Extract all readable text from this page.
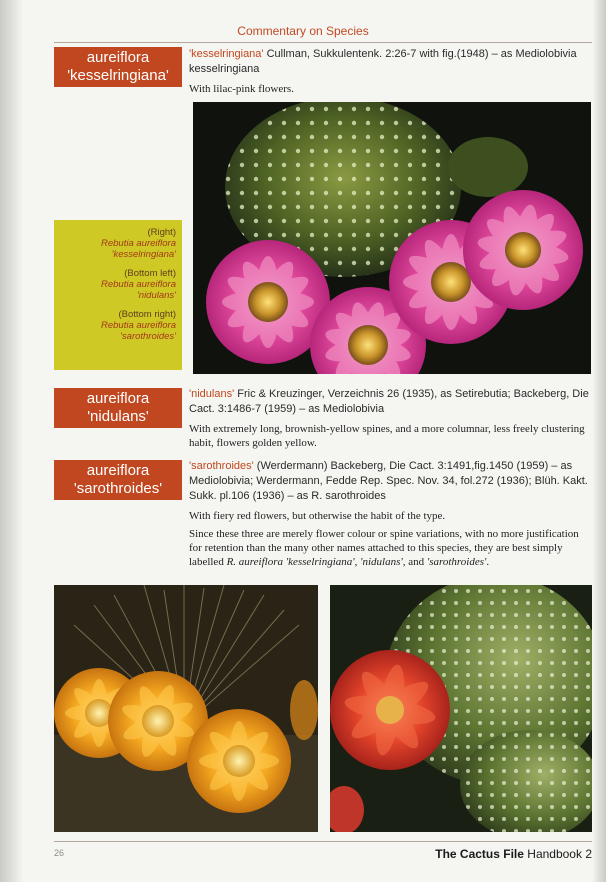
Commentary on Species
aureiflora
'kesselringiana'
'kesselringiana' Cullman, Sukkulentenk. 2:26-7 with fig.(1948) – as Mediolobivia kesselringiana
With lilac-pink flowers.
(Right)
Rebutia aureiflora
'kesselringiana'
(Bottom left)
Rebutia aureiflora
'nidulans'
(Bottom right)
Rebutia aureiflora
'sarothroides'
aureiflora
'nidulans'
'nidulans' Fric & Kreuzinger, Verzeichnis 26 (1935), as Setirebutia; Backeberg, Die Cact. 3:1486-7 (1959) – as Mediolobivia
With extremely long, brownish-yellow spines, and a more columnar, less freely clustering habit, flowers golden yellow.
aureiflora
'sarothroides'
'sarothroides' (Werdermann) Backeberg, Die Cact. 3:1491,fig.1450 (1959) – as Mediolobivia; Werdermann, Fedde Rep. Spec. Nov. 34, fol.272 (1936); Blüh. Kakt. Sukk. pl.106 (1936) – as R. sarothroides
With fiery red flowers, but otherwise the habit of the type.
Since these three are merely flower colour or spine variations, with no more justification for retention than the many other names attached to this species, they are best simply labelled R. aureiflora 'kesselringiana', 'nidulans', and 'sarothroides'.
26	The Cactus File Handbook 2
